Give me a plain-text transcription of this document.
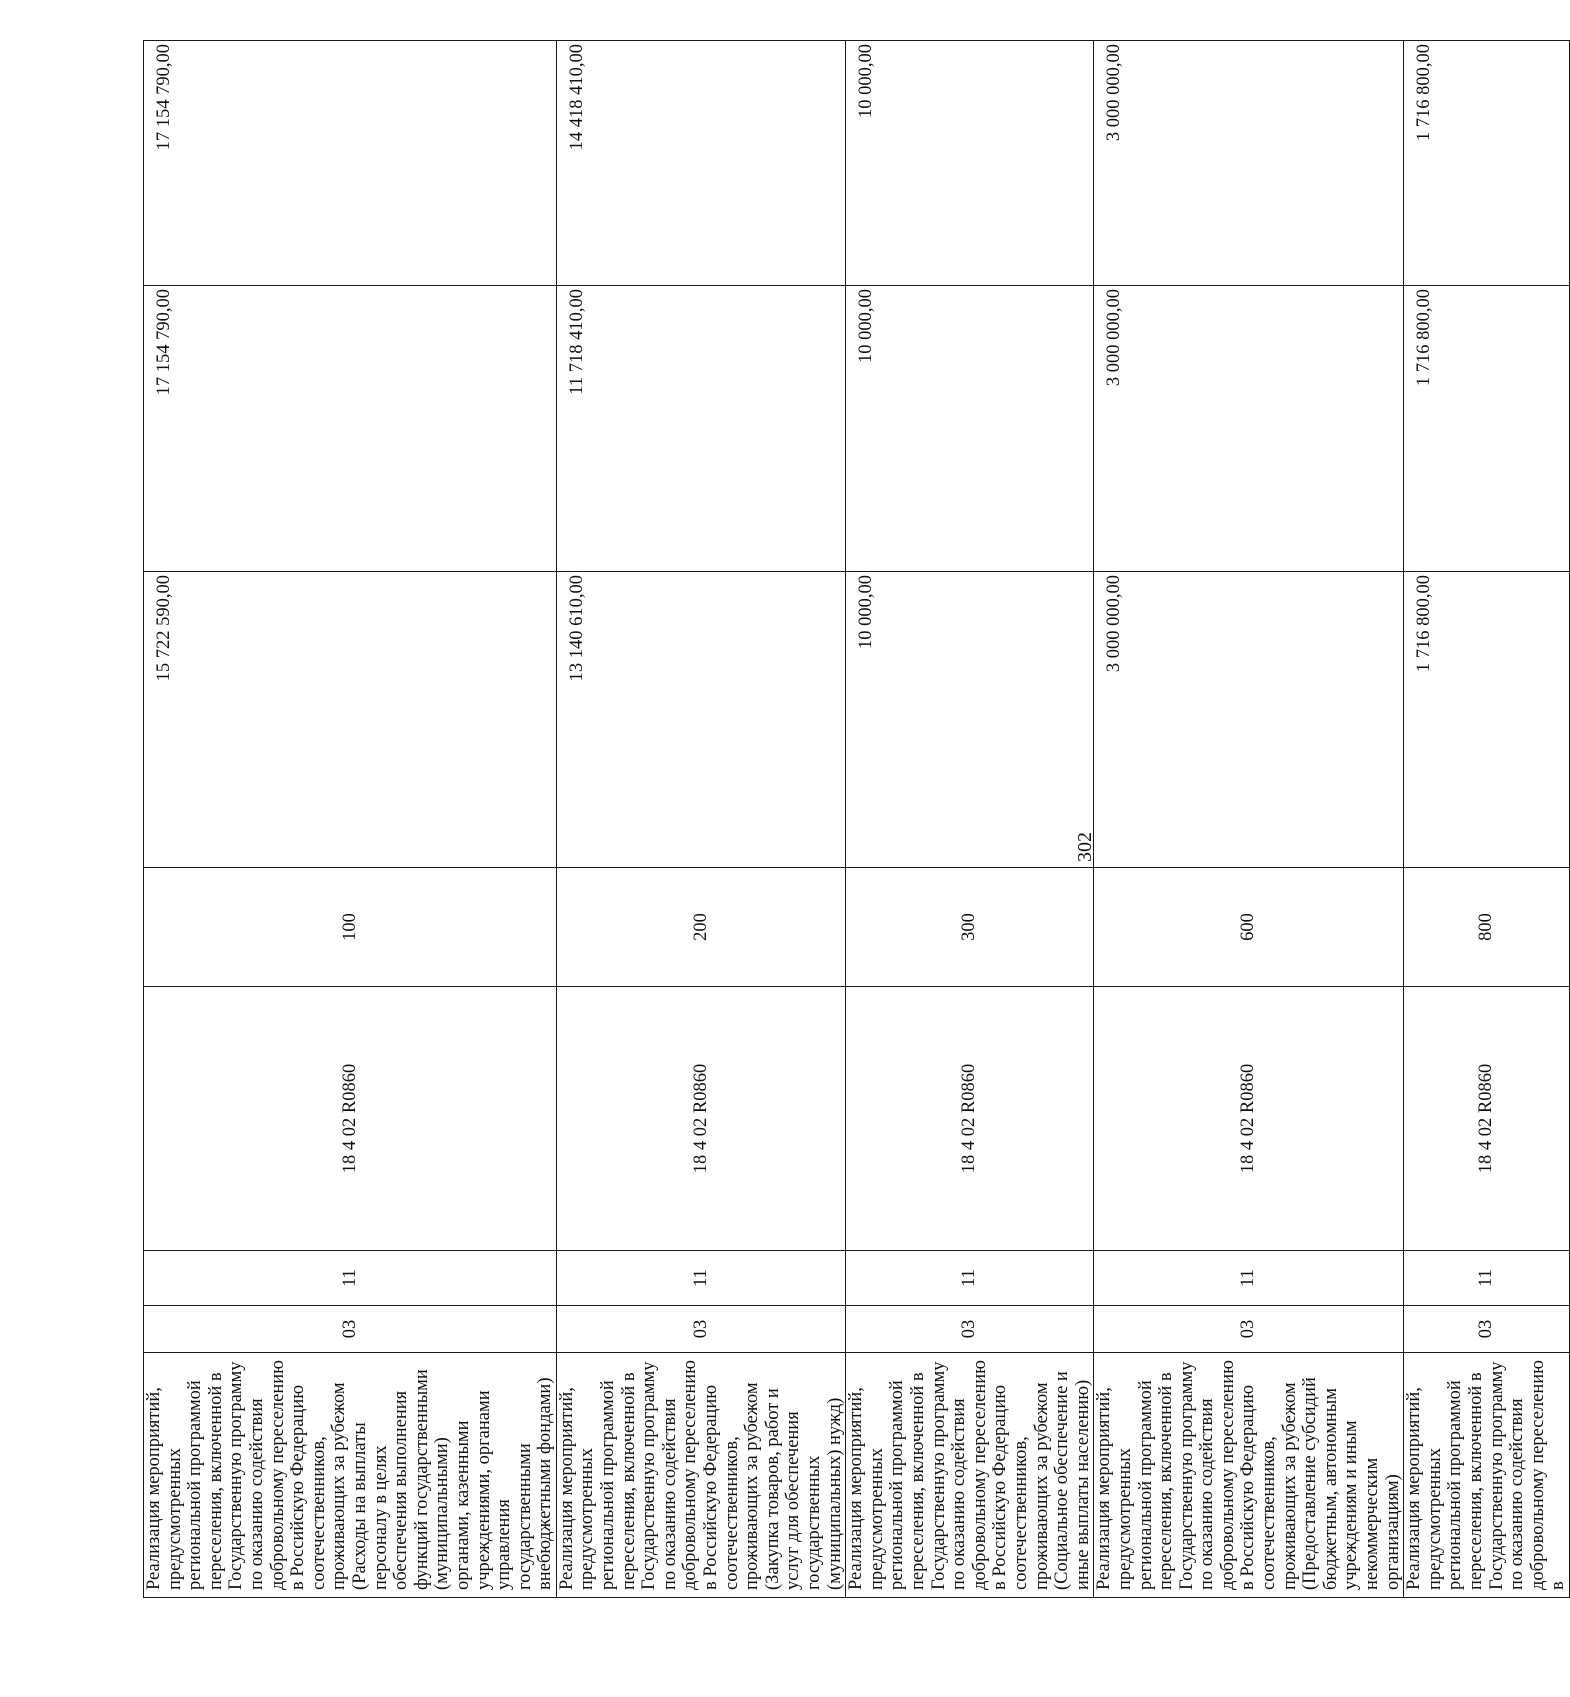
302
Реализация мероприятий, предусмотренных региональной программой переселения, включенной в Государственную программу по оказанию содействия добровольному переселению в Российскую Федерацию соотечественников, проживающих за рубежом (Расходы на выплаты персоналу в целях обеспечения выполнения функций государственными (муниципальными) органами, казенными учреждениями, органами управления государственными внебюджетными фондами)	03	11	18 4 02 R0860	100	15 722 590,00	17 154 790,00	17 154 790,00
Реализация мероприятий, предусмотренных региональной программой переселения, включенной в Государственную программу по оказанию содействия добровольному переселению в Российскую Федерацию соотечественников, проживающих за рубежом (Закупка товаров, работ и услуг для обеспечения государственных (муниципальных) нужд)	03	11	18 4 02 R0860	200	13 140 610,00	11 718 410,00	14 418 410,00
Реализация мероприятий, предусмотренных региональной программой переселения, включенной в Государственную программу по оказанию содействия добровольному переселению в Российскую Федерацию соотечественников, проживающих за рубежом (Социальное обеспечение и иные выплаты населению)	03	11	18 4 02 R0860	300	10 000,00	10 000,00	10 000,00
Реализация мероприятий, предусмотренных региональной программой переселения, включенной в Государственную программу по оказанию содействия добровольному переселению в Российскую Федерацию соотечественников, проживающих за рубежом (Предоставление субсидий бюджетным, автономным учреждениям и иным некоммерческим организациям)	03	11	18 4 02 R0860	600	3 000 000,00	3 000 000,00	3 000 000,00
Реализация мероприятий, предусмотренных региональной программой переселения, включенной в Государственную программу по оказанию содействия добровольному переселению в	03	11	18 4 02 R0860	800	1 716 800,00	1 716 800,00	1 716 800,00
